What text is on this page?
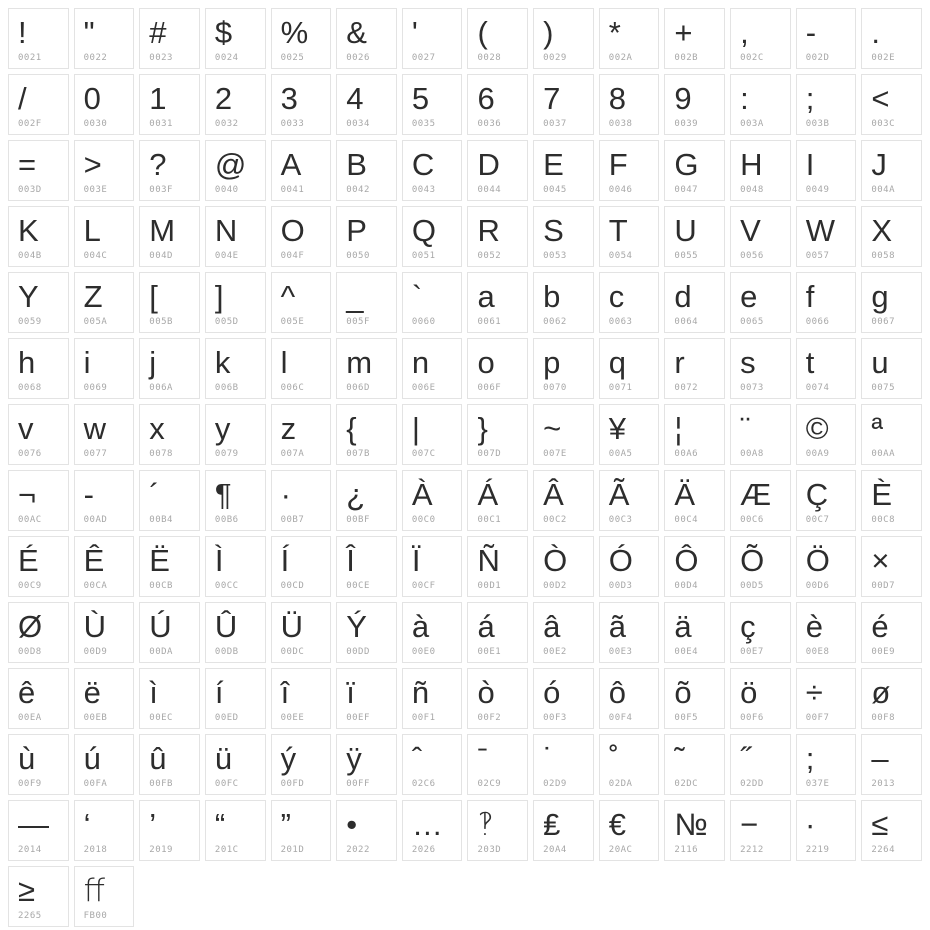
!
0021
"
0022
#
0023
$
0024
%
0025
&
0026
'
0027
(
0028
)
0029
*
002A
+
002B
,
002C
-
002D
.
002E
/
002F
0
0030
1
0031
2
0032
3
0033
4
0034
5
0035
6
0036
7
0037
8
0038
9
0039
:
003A
;
003B
<
003C
=
003D
>
003E
?
003F
@
0040
A
0041
B
0042
C
0043
D
0044
E
0045
F
0046
G
0047
H
0048
I
0049
J
004A
K
004B
L
004C
M
004D
N
004E
O
004F
P
0050
Q
0051
R
0052
S
0053
T
0054
U
0055
V
0056
W
0057
X
0058
Y
0059
Z
005A
[
005B
]
005D
^
005E
_
005F
`
0060
a
0061
b
0062
c
0063
d
0064
e
0065
f
0066
g
0067
h
0068
i
0069
j
006A
k
006B
l
006C
m
006D
n
006E
o
006F
p
0070
q
0071
r
0072
s
0073
t
0074
u
0075
v
0076
w
0077
x
0078
y
0079
z
007A
{
007B
|
007C
}
007D
~
007E
¥
00A5
¦
00A6
¨
00A8
©
00A9
ª
00AA
¬
00AC
-
00AD
´
00B4
¶
00B6
·
00B7
¿
00BF
À
00C0
Á
00C1
Â
00C2
Ã
00C3
Ä
00C4
Æ
00C6
Ç
00C7
È
00C8
É
00C9
Ê
00CA
Ë
00CB
Ì
00CC
Í
00CD
Î
00CE
Ï
00CF
Ñ
00D1
Ò
00D2
Ó
00D3
Ô
00D4
Õ
00D5
Ö
00D6
×
00D7
Ø
00D8
Ù
00D9
Ú
00DA
Û
00DB
Ü
00DC
Ý
00DD
à
00E0
á
00E1
â
00E2
ã
00E3
ä
00E4
ç
00E7
è
00E8
é
00E9
ê
00EA
ë
00EB
ì
00EC
í
00ED
î
00EE
ï
00EF
ñ
00F1
ò
00F2
ó
00F3
ô
00F4
õ
00F5
ö
00F6
÷
00F7
ø
00F8
ù
00F9
ú
00FA
û
00FB
ü
00FC
ý
00FD
ÿ
00FF
ˆ
02C6
ˉ
02C9
˙
02D9
˚
02DA
˜
02DC
˝
02DD
;
037E
–
2013
—
2014
‘
2018
’
2019
“
201C
”
201D
•
2022
…
2026
‽
203D
₤
20A4
€
20AC
№
2116
−
2212
∙
2219
≤
2264
≥
2265
ﬀ
FB00
